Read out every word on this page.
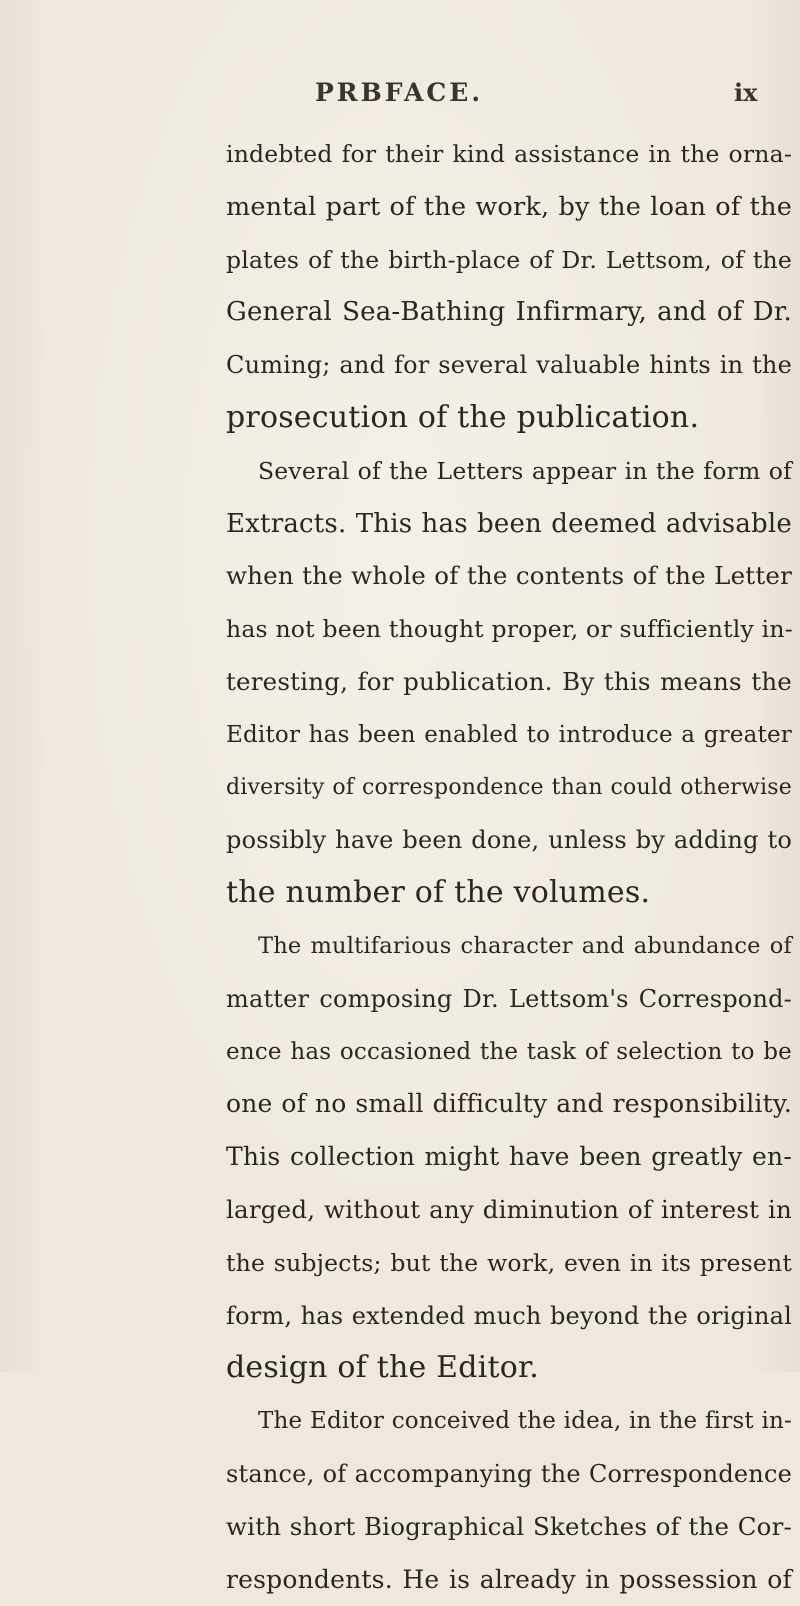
PRBFACE.	ix
indebted for their kind assistance in the orna-
mental part of the work, by the loan of the
plates of the birth-place of Dr. Lettsom, of the
General Sea-Bathing Infirmary, and of Dr.
Cuming; and for several valuable hints in the
prosecution of the publication.
Several of the Letters appear in the form of
Extracts. This has been deemed advisable
when the whole of the contents of the Letter
has not been thought proper, or sufficiently in-
teresting, for publication. By this means the
Editor has been enabled to introduce a greater
diversity of correspondence than could otherwise
possibly have been done, unless by adding to
the number of the volumes.
The multifarious character and abundance of
matter composing Dr. Lettsom's Correspond-
ence has occasioned the task of selection to be
one of no small difficulty and responsibility.
This collection might have been greatly en-
larged, without any diminution of interest in
the subjects; but the work, even in its present
form, has extended much beyond the original
design of the Editor.
The Editor conceived the idea, in the first in-
stance, of accompanying the Correspondence
with short Biographical Sketches of the Cor-
respondents. He is already in possession of
